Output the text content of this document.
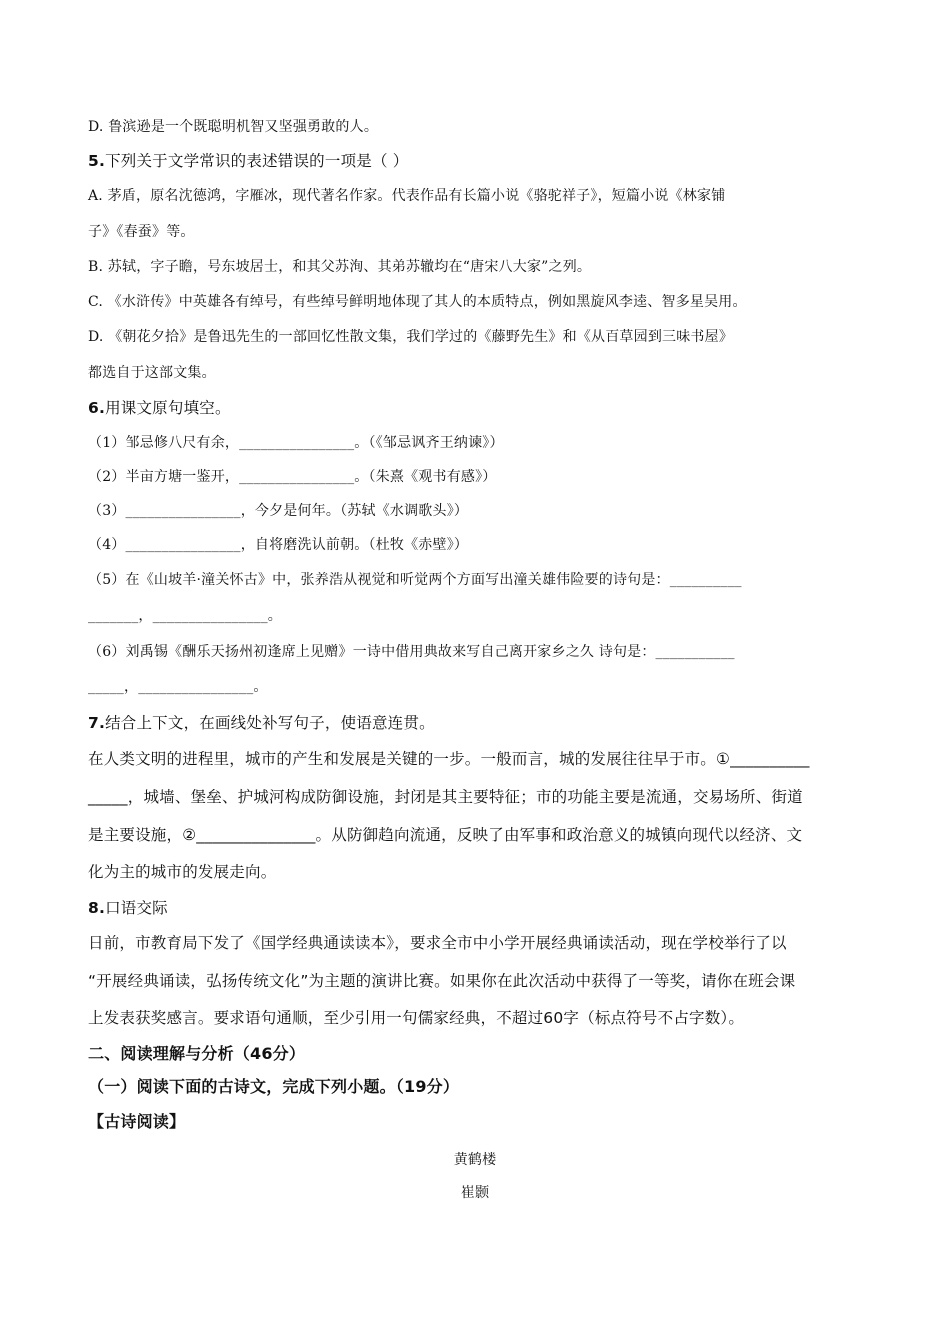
D. 鲁滨逊是一个既聪明机智又坚强勇敢的人。
5.下列关于文学常识的表述错误的一项是（ ）
A. 茅盾，原名沈德鸿，字雁冰，现代著名作家。代表作品有长篇小说《骆驼祥子》，短篇小说《林家铺
子》《春蚕》等。
B. 苏轼，字子瞻，号东坡居士，和其父苏洵、其弟苏辙均在“唐宋八大家”之列。
C. 《水浒传》中英雄各有绰号，有些绰号鲜明地体现了其人的本质特点，例如黑旋风李逵、智多星吴用。
D. 《朝花夕拾》是鲁迅先生的一部回忆性散文集，我们学过的《藤野先生》和《从百草园到三味书屋》
都选自于这部文集。
6.用课文原句填空。
（1）邹忌修八尺有余，________________。（《邹忌讽齐王纳谏》）
（2）半亩方塘一鉴开，________________。（朱熹《观书有感》）
（3）________________，今夕是何年。（苏轼《水调歌头》）
（4）________________，自将磨洗认前朝。（杜牧《赤壁》）
（5）在《山坡羊·潼关怀古》中，张养浩从视觉和听觉两个方面写出潼关雄伟险要的诗句是：__________
_______，________________。
（6）刘禹锡《酬乐天扬州初逢席上见赠》一诗中借用典故来写自己离开家乡之久 诗句是：___________
_____，________________。
7.结合上下文，在画线处补写句子，使语意连贯。
在人类文明的进程里，城市的产生和发展是关键的一步。一般而言，城的发展往往早于市。①__________
_____，城墙、堡垒、护城河构成防御设施，封闭是其主要特征；市的功能主要是流通，交易场所、街道
是主要设施，②_______________。从防御趋向流通，反映了由军事和政治意义的城镇向现代以经济、文
化为主的城市的发展走向。
8.口语交际
日前，市教育局下发了《国学经典通读读本》，要求全市中小学开展经典诵读活动，现在学校举行了以
“开展经典诵读，弘扬传统文化”为主题的演讲比赛。如果你在此次活动中获得了一等奖，请你在班会课
上发表获奖感言。要求语句通顺，至少引用一句儒家经典，不超过60字（标点符号不占字数）。
二、阅读理解与分析（46分）
（一）阅读下面的古诗文，完成下列小题。（19分）
【古诗阅读】
黄鹤楼
崔颢
